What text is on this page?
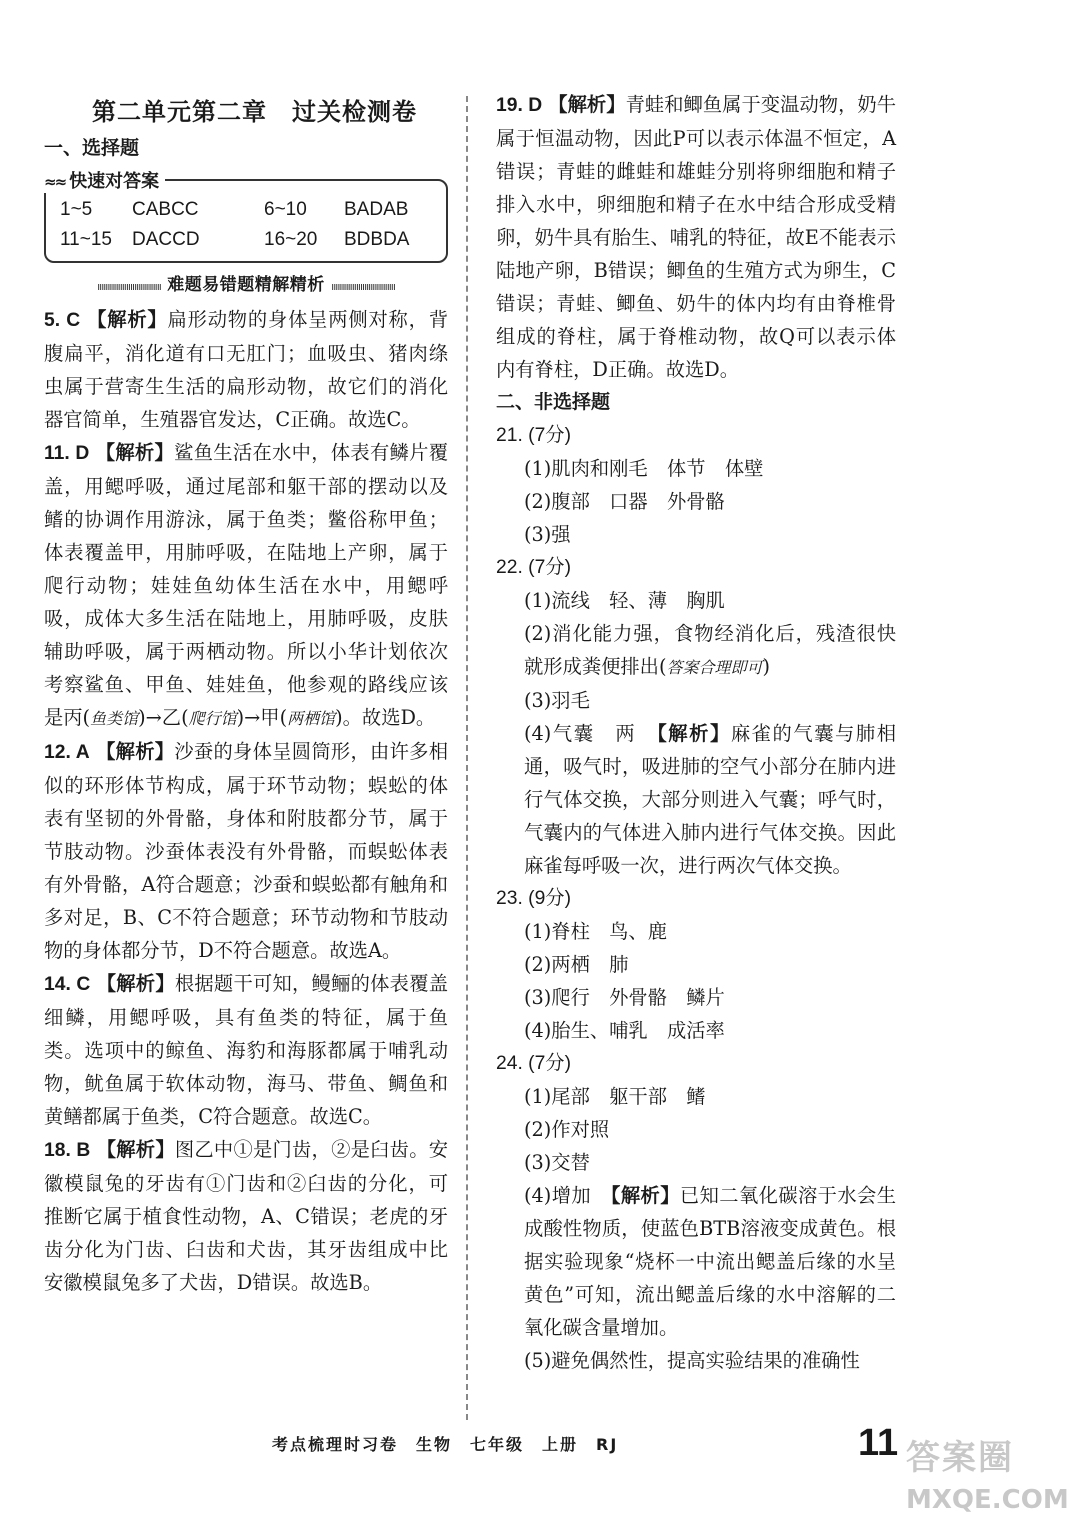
第二单元第二章　过关检测卷
一、选择题
≈≈ 快速对答案
1~5	CABCC	6~10	BADAB
11~15	DACCD	16~20	BDBDA
ııııııııııııııııııııııııııııııı 难题易错题精解精析 ııııııııııııııııııııııııııııııı

5. C 【解析】扁形动物的身体呈两侧对称，背腹扁平，消化道有口无肛门；血吸虫、猪肉绦虫属于营寄生生活的扁形动物，故它们的消化器官简单，生殖器官发达，C正确。故选C。

11. D 【解析】鲨鱼生活在水中，体表有鳞片覆盖，用鳃呼吸，通过尾部和躯干部的摆动以及鳍的协调作用游泳，属于鱼类；鳖俗称甲鱼；体表覆盖甲，用肺呼吸，在陆地上产卵，属于爬行动物；娃娃鱼幼体生活在水中，用鳃呼吸，成体大多生活在陆地上，用肺呼吸，皮肤辅助呼吸，属于两栖动物。所以小华计划依次考察鲨鱼、甲鱼、娃娃鱼，他参观的路线应该是丙(鱼类馆)→乙(爬行馆)→甲(两栖馆)。故选D。

12. A 【解析】沙蚕的身体呈圆筒形，由许多相似的环形体节构成，属于环节动物；蜈蚣的体表有坚韧的外骨骼，身体和附肢都分节，属于节肢动物。沙蚕体表没有外骨骼，而蜈蚣体表有外骨骼，A符合题意；沙蚕和蜈蚣都有触角和多对足，B、C不符合题意；环节动物和节肢动物的身体都分节，D不符合题意。故选A。

14. C 【解析】根据题干可知，鳗鲡的体表覆盖细鳞，用鳃呼吸，具有鱼类的特征，属于鱼类。选项中的鲸鱼、海豹和海豚都属于哺乳动物，鱿鱼属于软体动物，海马、带鱼、鲷鱼和黄鳝都属于鱼类，C符合题意。故选C。

18. B 【解析】图乙中①是门齿，②是臼齿。安徽模鼠兔的牙齿有①门齿和②臼齿的分化，可推断它属于植食性动物，A、C错误；老虎的牙齿分化为门齿、臼齿和犬齿，其牙齿组成中比安徽模鼠兔多了犬齿，D错误。故选B。

19. D 【解析】青蛙和鲫鱼属于变温动物，奶牛属于恒温动物，因此P可以表示体温不恒定，A错误；青蛙的雌蛙和雄蛙分别将卵细胞和精子排入水中，卵细胞和精子在水中结合形成受精卵，奶牛具有胎生、哺乳的特征，故E不能表示陆地产卵，B错误；鲫鱼的生殖方式为卵生，C错误；青蛙、鲫鱼、奶牛的体内均有由脊椎骨组成的脊柱，属于脊椎动物，故Q可以表示体内有脊柱，D正确。故选D。

二、非选择题

21. (7分)

(1)肌肉和刚毛　体节　体壁

(2)腹部　口器　外骨骼

(3)强

22. (7分)

(1)流线　轻、薄　胸肌

(2)消化能力强，食物经消化后，残渣很快就形成粪便排出(答案合理即可)

(3)羽毛

(4)气囊　两　 【解析】麻雀的气囊与肺相通，吸气时，吸进肺的空气小部分在肺内进行气体交换，大部分则进入气囊；呼气时，气囊内的气体进入肺内进行气体交换。因此麻雀每呼吸一次，进行两次气体交换。

23. (9分)

(1)脊柱　鸟、鹿

(2)两栖　肺

(3)爬行　外骨骼　鳞片

(4)胎生、哺乳　成活率

24. (7分)

(1)尾部　躯干部　鳍

(2)作对照

(3)交替

(4)增加　 【解析】已知二氧化碳溶于水会生成酸性物质，使蓝色BTB溶液变成黄色。根据实验现象“烧杯一中流出鳃盖后缘的水呈黄色”可知，流出鳃盖后缘的水中溶解的二氧化碳含量增加。

(5)避免偶然性，提高实验结果的准确性

考点梳理时习卷　生物　七年级　上册　RJ	11 答案圈
MXQE.COM
